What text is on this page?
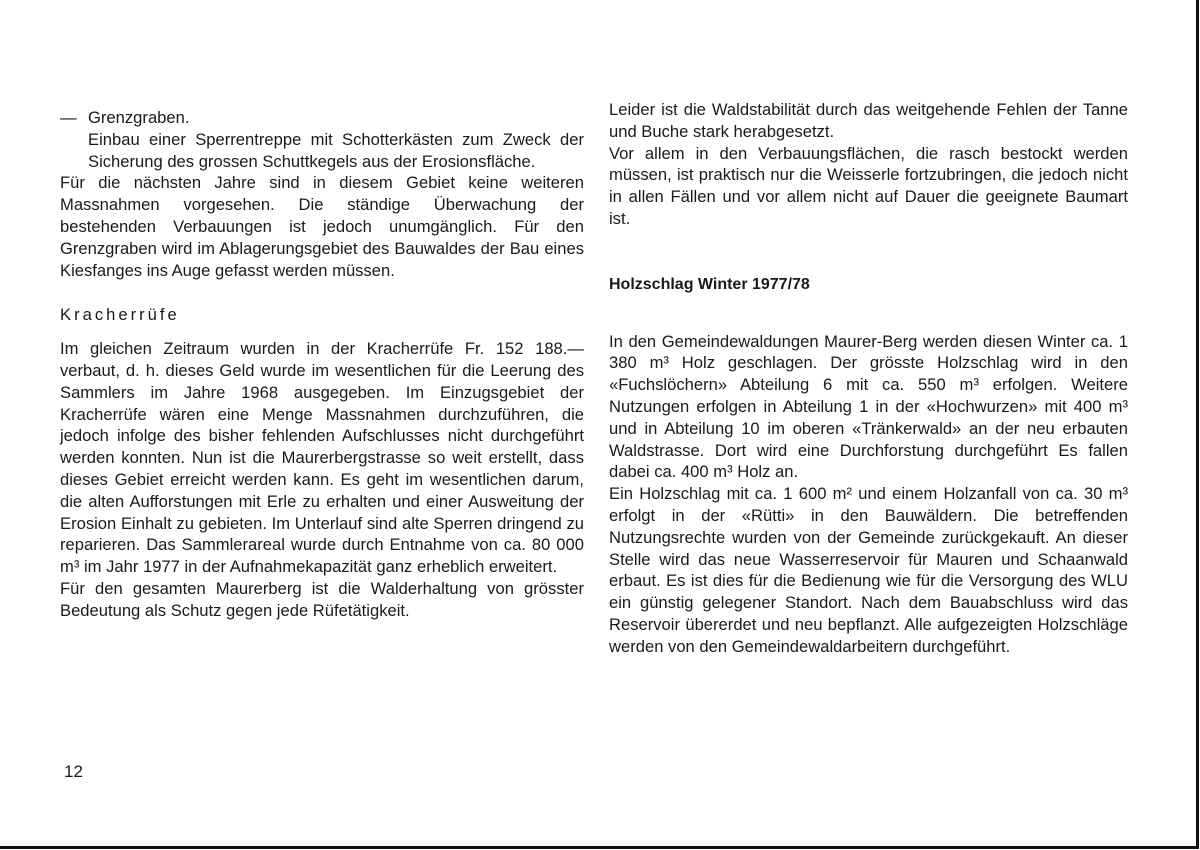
— Grenzgraben.

Einbau einer Sperrentreppe mit Schotterkästen zum Zweck der Sicherung des grossen Schuttkegels aus der Erosionsfläche.

Für die nächsten Jahre sind in diesem Gebiet keine weiteren Massnahmen vorgesehen. Die ständige Überwachung der bestehenden Verbauungen ist jedoch unumgänglich. Für den Grenzgraben wird im Ablagerungsgebiet des Bauwaldes der Bau eines Kiesfanges ins Auge gefasst werden müssen.

Kracherrüfe

Im gleichen Zeitraum wurden in der Kracherrüfe Fr. 152 188.— verbaut, d. h. dieses Geld wurde im wesentlichen für die Leerung des Sammlers im Jahre 1968 ausgegeben. Im Einzugsgebiet der Kracherrüfe wären eine Menge Massnahmen durchzuführen, die jedoch infolge des bisher fehlenden Aufschlusses nicht durchgeführt werden konnten. Nun ist die Maurerbergstrasse so weit erstellt, dass dieses Gebiet erreicht werden kann. Es geht im wesentlichen darum, die alten Aufforstungen mit Erle zu erhalten und einer Ausweitung der Erosion Einhalt zu gebieten. Im Unterlauf sind alte Sperren dringend zu reparieren. Das Sammlerareal wurde durch Entnahme von ca. 80 000 m³ im Jahr 1977 in der Aufnahmekapazität ganz erheblich erweitert.

Für den gesamten Maurerberg ist die Walderhaltung von grösster Bedeutung als Schutz gegen jede Rüfetätigkeit.

Leider ist die Waldstabilität durch das weitgehende Fehlen der Tanne und Buche stark herabgesetzt.

Vor allem in den Verbauungsflächen, die rasch bestockt werden müssen, ist praktisch nur die Weisserle fortzubringen, die jedoch nicht in allen Fällen und vor allem nicht auf Dauer die geeignete Baumart ist.

Holzschlag Winter 1977/78

In den Gemeindewaldungen Maurer-Berg werden diesen Winter ca. 1 380 m³ Holz geschlagen. Der grösste Holzschlag wird in den «Fuchslöchern» Abteilung 6 mit ca. 550 m³ erfolgen. Weitere Nutzungen erfolgen in Abteilung 1 in der «Hochwurzen» mit 400 m³ und in Abteilung 10 im oberen «Tränkerwald» an der neu erbauten Waldstrasse. Dort wird eine Durchforstung durchgeführt Es fallen dabei ca. 400 m³ Holz an.

Ein Holzschlag mit ca. 1 600 m² und einem Holzanfall von ca. 30 m³ erfolgt in der «Rütti» in den Bauwäldern. Die betreffenden Nutzungsrechte wurden von der Gemeinde zurückgekauft. An dieser Stelle wird das neue Wasserreservoir für Mauren und Schaanwald erbaut. Es ist dies für die Bedienung wie für die Versorgung des WLU ein günstig gelegener Standort. Nach dem Bauabschluss wird das Reservoir übererdet und neu bepflanzt. Alle aufgezeigten Holzschläge werden von den Gemeindewaldarbeitern durchgeführt.

12
